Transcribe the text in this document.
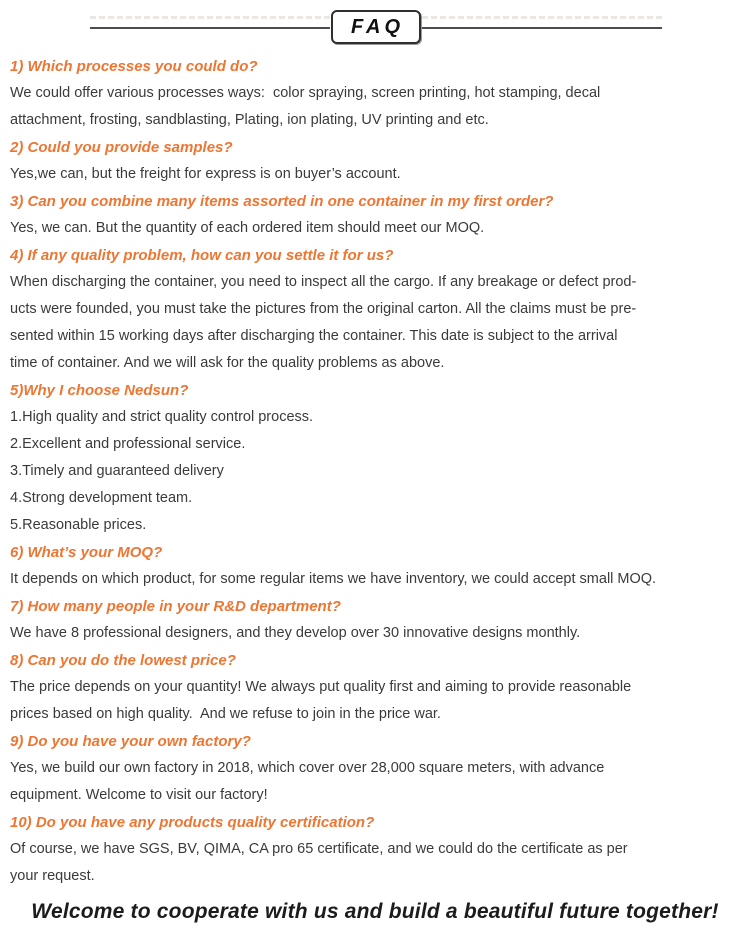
FAQ
1) Which processes you could do?
We could offer various processes ways:  color spraying, screen printing, hot stamping, decal
attachment, frosting, sandblasting, Plating, ion plating, UV printing and etc.
2) Could you provide samples?
Yes,we can, but the freight for express is on buyer’s account.
3) Can you combine many items assorted in one container in my first order?
Yes, we can. But the quantity of each ordered item should meet our MOQ.
4) If any quality problem, how can you settle it for us?
When discharging the container, you need to inspect all the cargo. If any breakage or defect prod-
ucts were founded, you must take the pictures from the original carton. All the claims must be pre-
sented within 15 working days after discharging the container. This date is subject to the arrival
time of container. And we will ask for the quality problems as above.
5)Why I choose Nedsun?
1.High quality and strict quality control process.
2.Excellent and professional service.
3.Timely and guaranteed delivery
4.Strong development team.
5.Reasonable prices.
6) What’s your MOQ?
It depends on which product, for some regular items we have inventory, we could accept small MOQ.
7) How many people in your R&D department?
We have 8 professional designers, and they develop over 30 innovative designs monthly.
8) Can you do the lowest price?
The price depends on your quantity! We always put quality first and aiming to provide reasonable
prices based on high quality.  And we refuse to join in the price war.
9) Do you have your own factory?
Yes, we build our own factory in 2018, which cover over 28,000 square meters, with advance
equipment. Welcome to visit our factory!
10) Do you have any products quality certification?
Of course, we have SGS, BV, QIMA, CA pro 65 certificate, and we could do the certificate as per
your request.

Welcome to cooperate with us and build a beautiful future together!
